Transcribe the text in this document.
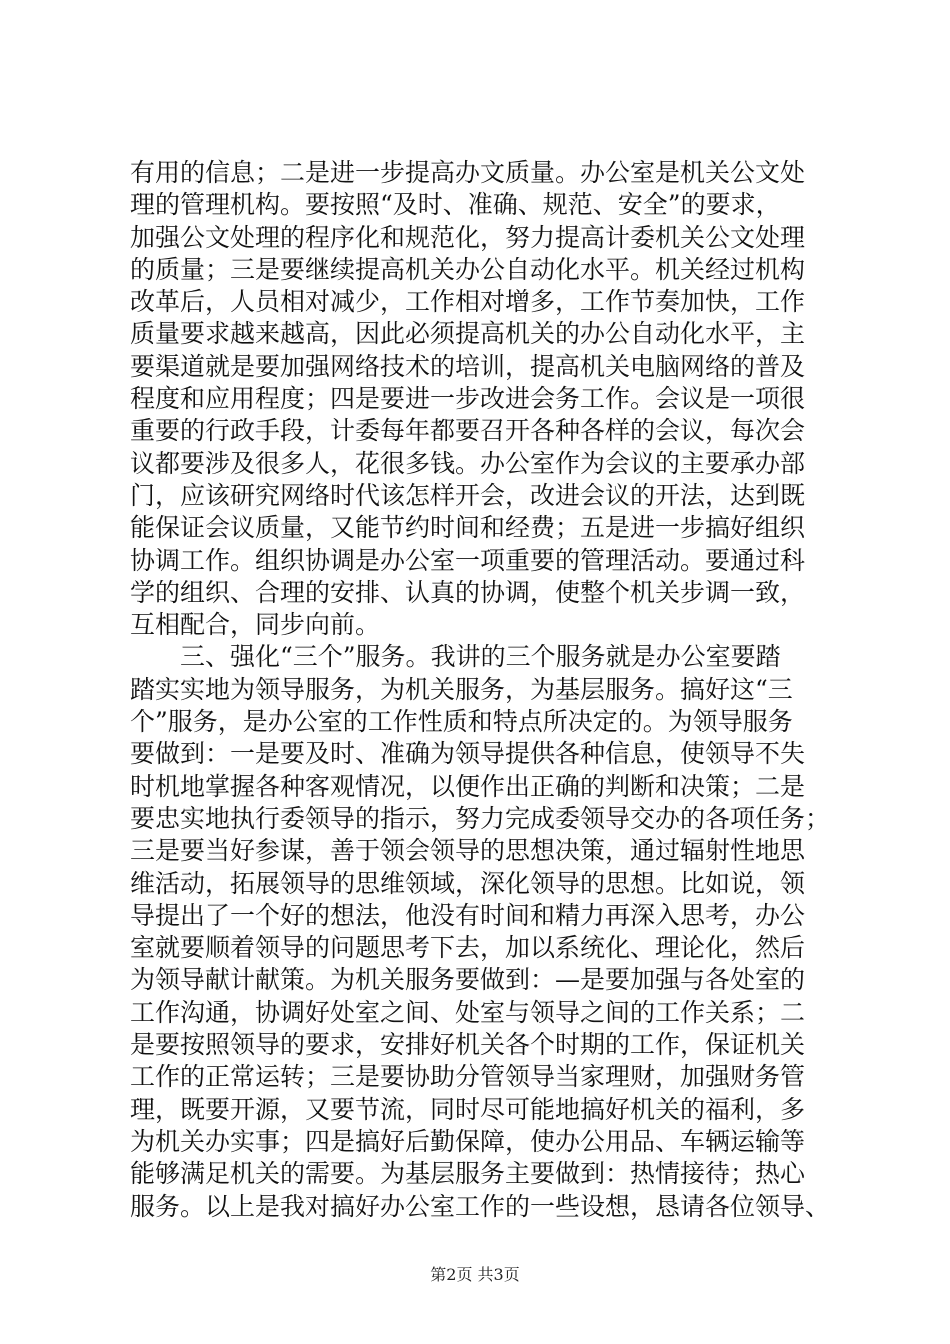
有用的信息；二是进一步提高办文质量。办公室是机关公文处
理的管理机构。要按照“及时、准确、规范、安全”的要求，
加强公文处理的程序化和规范化，努力提高计委机关公文处理
的质量；三是要继续提高机关办公自动化水平。机关经过机构
改革后，人员相对减少，工作相对增多，工作节奏加快，工作
质量要求越来越高，因此必须提高机关的办公自动化水平，主
要渠道就是要加强网络技术的培训，提高机关电脑网络的普及
程度和应用程度；四是要进一步改进会务工作。会议是一项很
重要的行政手段，计委每年都要召开各种各样的会议，每次会
议都要涉及很多人，花很多钱。办公室作为会议的主要承办部
门，应该研究网络时代该怎样开会，改进会议的开法，达到既
能保证会议质量，又能节约时间和经费；五是进一步搞好组织
协调工作。组织协调是办公室一项重要的管理活动。要通过科
学的组织、合理的安排、认真的协调，使整个机关步调一致，
互相配合，同步向前。
　　三、强化“三个”服务。我讲的三个服务就是办公室要踏
踏实实地为领导服务，为机关服务，为基层服务。搞好这“三
个”服务，是办公室的工作性质和特点所决定的。为领导服务
要做到：一是要及时、准确为领导提供各种信息，使领导不失
时机地掌握各种客观情况，以便作出正确的判断和决策；二是
要忠实地执行委领导的指示，努力完成委领导交办的各项任务；
三是要当好参谋，善于领会领导的思想决策，通过辐射性地思
维活动，拓展领导的思维领域，深化领导的思想。比如说，领
导提出了一个好的想法，他没有时间和精力再深入思考，办公
室就要顺着领导的问题思考下去，加以系统化、理论化，然后
为领导献计献策。为机关服务要做到：—是要加强与各处室的
工作沟通，协调好处室之间、处室与领导之间的工作关系；二
是要按照领导的要求，安排好机关各个时期的工作，保证机关
工作的正常运转；三是要协助分管领导当家理财，加强财务管
理，既要开源，又要节流，同时尽可能地搞好机关的福利，多
为机关办实事；四是搞好后勤保障，使办公用品、车辆运输等
能够满足机关的需要。为基层服务主要做到：热情接待；热心
服务。以上是我对搞好办公室工作的一些设想，恳请各位领导、
第2页 共3页
